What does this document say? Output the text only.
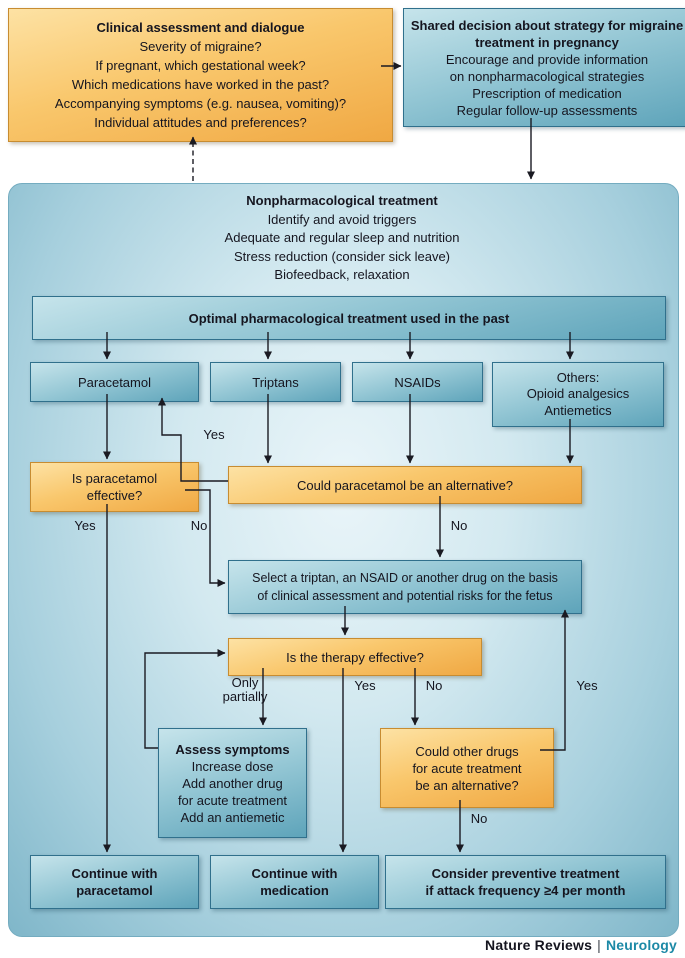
Clinical assessment and dialogue
Severity of migraine?
If pregnant, which gestational week?
Which medications have worked in the past?
Accompanying symptoms (e.g. nausea, vomiting)?
Individual attitudes and preferences?
Shared decision about strategy for migraine treatment in pregnancy
Encourage and provide information
on nonpharmacological strategies
Prescription of medication
Regular follow-up assessments
Nonpharmacological treatment
Identify and avoid triggers
Adequate and regular sleep and nutrition
Stress reduction (consider sick leave)
Biofeedback, relaxation
Optimal pharmacological treatment used in the past
Paracetamol	Triptans	NSAIDs	Others:
Opioid analgesics
Antiemetics
Is paracetamol
effective?
Could paracetamol be an alternative?
Select a triptan, an NSAID or another drug on the basis
of clinical assessment and potential risks for the fetus
Is the therapy effective?
Assess symptoms
Increase dose
Add another drug
for acute treatment
Add an antiemetic
Could other drugs
for acute treatment
be an alternative?
Continue with
paracetamol
Continue with
medication
Consider preventive treatment
if attack frequency ≥4 per month
Yes
Yes	No	No
Only partially
Yes	No	Yes
No
Nature Reviews | Neurology
